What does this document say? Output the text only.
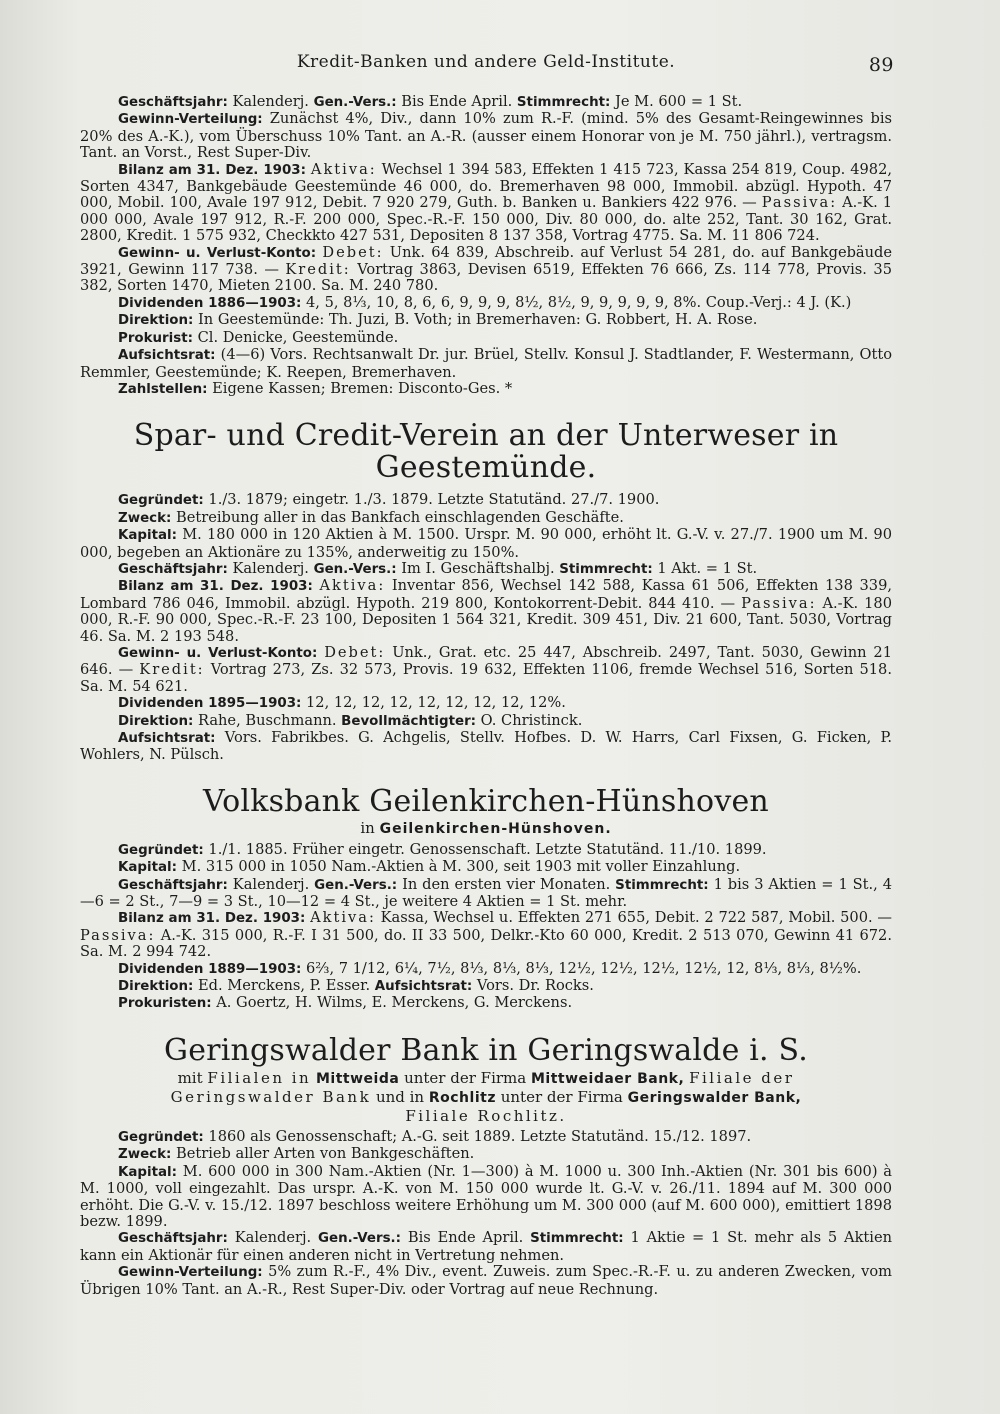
Kredit-Banken und andere Geld-Institute.	89

Geschäftsjahr: Kalenderj. Gen.-Vers.: Bis Ende April. Stimmrecht: Je M. 600 = 1 St.

Gewinn-Verteilung: Zunächst 4%, Div., dann 10% zum R.-F. (mind. 5% des Gesamt-Reingewinnes bis 20% des A.-K.), vom Überschuss 10% Tant. an A.-R. (ausser einem Honorar von je M. 750 jährl.), vertragsm. Tant. an Vorst., Rest Super-Div.

Bilanz am 31. Dez. 1903: Aktiva: Wechsel 1 394 583, Effekten 1 415 723, Kassa 254 819, Coup. 4982, Sorten 4347, Bankgebäude Geestemünde 46 000, do. Bremerhaven 98 000, Immobil. abzügl. Hypoth. 47 000, Mobil. 100, Avale 197 912, Debit. 7 920 279, Guth. b. Banken u. Bankiers 422 976. — Passiva: A.-K. 1 000 000, Avale 197 912, R.-F. 200 000, Spec.-R.-F. 150 000, Div. 80 000, do. alte 252, Tant. 30 162, Grat. 2800, Kredit. 1 575 932, Checkkto 427 531, Depositen 8 137 358, Vortrag 4775. Sa. M. 11 806 724.

Gewinn- u. Verlust-Konto: Debet: Unk. 64 839, Abschreib. auf Verlust 54 281, do. auf Bankgebäude 3921, Gewinn 117 738. — Kredit: Vortrag 3863, Devisen 6519, Effekten 76 666, Zs. 114 778, Provis. 35 382, Sorten 1470, Mieten 2100. Sa. M. 240 780.

Dividenden 1886—1903: 4, 5, 8⅓, 10, 8, 6, 6, 9, 9, 9, 8½, 8½, 9, 9, 9, 9, 9, 8%. Coup.-Verj.: 4 J. (K.)

Direktion: In Geestemünde: Th. Juzi, B. Voth; in Bremerhaven: G. Robbert, H. A. Rose.

Prokurist: Cl. Denicke, Geestemünde.

Aufsichtsrat: (4—6) Vors. Rechtsanwalt Dr. jur. Brüel, Stellv. Konsul J. Stadtlander, F. Westermann, Otto Remmler, Geestemünde; K. Reepen, Bremerhaven.

Zahlstellen: Eigene Kassen; Bremen: Disconto-Ges. *

Spar- und Credit-Verein an der Unterweser in Geestemünde.

Gegründet: 1./3. 1879; eingetr. 1./3. 1879. Letzte Statutänd. 27./7. 1900.

Zweck: Betreibung aller in das Bankfach einschlagenden Geschäfte.

Kapital: M. 180 000 in 120 Aktien à M. 1500. Urspr. M. 90 000, erhöht lt. G.-V. v. 27./7. 1900 um M. 90 000, begeben an Aktionäre zu 135%, anderweitig zu 150%.

Geschäftsjahr: Kalenderj. Gen.-Vers.: Im I. Geschäftshalbj. Stimmrecht: 1 Akt. = 1 St.

Bilanz am 31. Dez. 1903: Aktiva: Inventar 856, Wechsel 142 588, Kassa 61 506, Effekten 138 339, Lombard 786 046, Immobil. abzügl. Hypoth. 219 800, Kontokorrent-Debit. 844 410. — Passiva: A.-K. 180 000, R.-F. 90 000, Spec.-R.-F. 23 100, Depositen 1 564 321, Kredit. 309 451, Div. 21 600, Tant. 5030, Vortrag 46. Sa. M. 2 193 548.

Gewinn- u. Verlust-Konto: Debet: Unk., Grat. etc. 25 447, Abschreib. 2497, Tant. 5030, Gewinn 21 646. — Kredit: Vortrag 273, Zs. 32 573, Provis. 19 632, Effekten 1106, fremde Wechsel 516, Sorten 518. Sa. M. 54 621.

Dividenden 1895—1903: 12, 12, 12, 12, 12, 12, 12, 12, 12%.

Direktion: Rahe, Buschmann. Bevollmächtigter: O. Christinck.

Aufsichtsrat: Vors. Fabrikbes. G. Achgelis, Stellv. Hofbes. D. W. Harrs, Carl Fixsen, G. Ficken, P. Wohlers, N. Pülsch.

Volksbank Geilenkirchen-Hünshoven
in Geilenkirchen-Hünshoven.

Gegründet: 1./1. 1885. Früher eingetr. Genossenschaft. Letzte Statutänd. 11./10. 1899.

Kapital: M. 315 000 in 1050 Nam.-Aktien à M. 300, seit 1903 mit voller Einzahlung.

Geschäftsjahr: Kalenderj. Gen.-Vers.: In den ersten vier Monaten. Stimmrecht: 1 bis 3 Aktien = 1 St., 4—6 = 2 St., 7—9 = 3 St., 10—12 = 4 St., je weitere 4 Aktien = 1 St. mehr.

Bilanz am 31. Dez. 1903: Aktiva: Kassa, Wechsel u. Effekten 271 655, Debit. 2 722 587, Mobil. 500. — Passiva: A.-K. 315 000, R.-F. I 31 500, do. II 33 500, Delkr.-Kto 60 000, Kredit. 2 513 070, Gewinn 41 672. Sa. M. 2 994 742.

Dividenden 1889—1903: 6⅔, 7 1/12, 6¼, 7½, 8⅓, 8⅓, 8⅓, 12½, 12½, 12½, 12½, 12, 8⅓, 8⅓, 8½%.

Direktion: Ed. Merckens, P. Esser. Aufsichtsrat: Vors. Dr. Rocks.

Prokuristen: A. Goertz, H. Wilms, E. Merckens, G. Merckens.

Geringswalder Bank in Geringswalde i. S.
mit Filialen in Mittweida unter der Firma Mittweidaer Bank, Filiale der
Geringswalder Bank und in Rochlitz unter der Firma Geringswalder Bank,
Filiale Rochlitz.

Gegründet: 1860 als Genossenschaft; A.-G. seit 1889. Letzte Statutänd. 15./12. 1897.

Zweck: Betrieb aller Arten von Bankgeschäften.

Kapital: M. 600 000 in 300 Nam.-Aktien (Nr. 1—300) à M. 1000 u. 300 Inh.-Aktien (Nr. 301 bis 600) à M. 1000, voll eingezahlt. Das urspr. A.-K. von M. 150 000 wurde lt. G.-V. v. 26./11. 1894 auf M. 300 000 erhöht. Die G.-V. v. 15./12. 1897 beschloss weitere Erhöhung um M. 300 000 (auf M. 600 000), emittiert 1898 bezw. 1899.

Geschäftsjahr: Kalenderj. Gen.-Vers.: Bis Ende April. Stimmrecht: 1 Aktie = 1 St. mehr als 5 Aktien kann ein Aktionär für einen anderen nicht in Vertretung nehmen.

Gewinn-Verteilung: 5% zum R.-F., 4% Div., event. Zuweis. zum Spec.-R.-F. u. zu anderen Zwecken, vom Übrigen 10% Tant. an A.-R., Rest Super-Div. oder Vortrag auf neue Rechnung.
